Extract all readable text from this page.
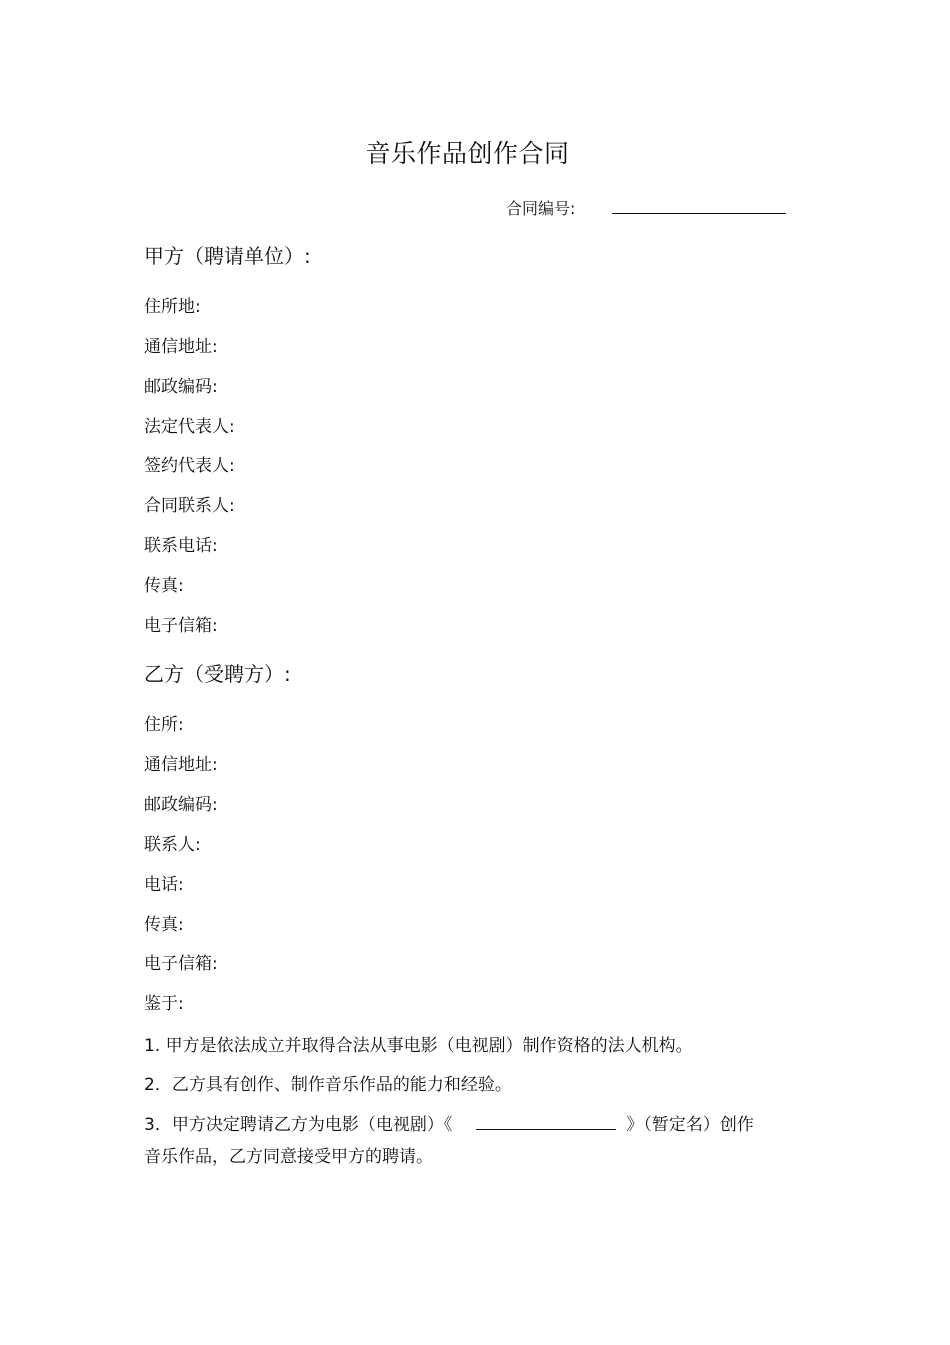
音乐作品创作合同
合同编号:
甲方（聘请单位）:
住所地:
通信地址:
邮政编码:
法定代表人:
签约代表人:
合同联系人:
联系电话:
传真:
电子信箱:
乙方（受聘方）:
住所:
通信地址:
邮政编码:
联系人:
电话:
传真:
电子信箱:
鉴于:
1. 甲方是依法成立并取得合法从事电影（电视剧）制作资格的法人机构。
2．乙方具有创作、制作音乐作品的能力和经验。
3．甲方决定聘请乙方为电影（电视剧）《	》（暂定名）创作
音乐作品，乙方同意接受甲方的聘请。
